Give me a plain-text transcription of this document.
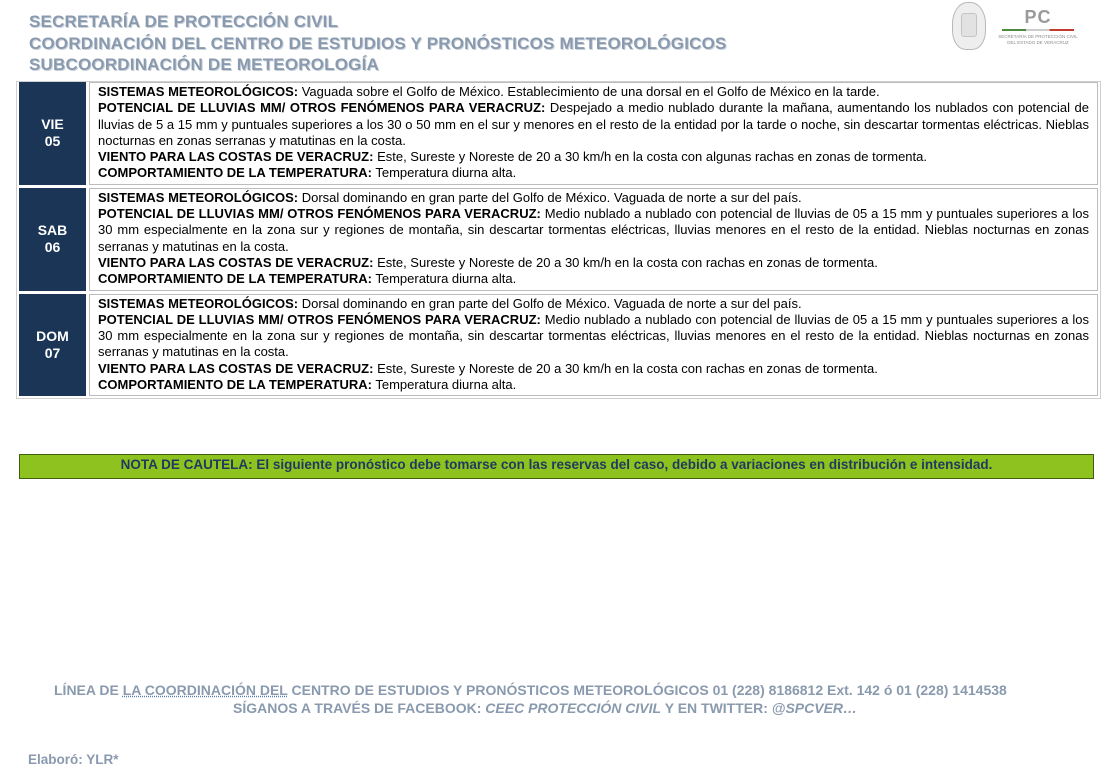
SECRETARÍA DE PROTECCIÓN CIVIL
COORDINACIÓN DEL CENTRO DE ESTUDIOS Y PRONÓSTICOS METEOROLÓGICOS
SUBCOORDINACIÓN DE METEOROLOGÍA
PC
SECRETARÍA DE PROTECCIÓN CIVIL DEL ESTADO DE VERACRUZ
VIE
05

SISTEMAS METEOROLÓGICOS: Vaguada sobre el Golfo de México. Establecimiento de una dorsal en el Golfo de México en la tarde.

POTENCIAL DE LLUVIAS MM/ OTROS FENÓMENOS PARA VERACRUZ: Despejado a medio nublado durante la mañana, aumentando los nublados con potencial de lluvias de 5 a 15 mm y puntuales superiores a los 30 o 50 mm en el sur y menores en el resto de la entidad por la tarde o noche, sin descartar tormentas eléctricas. Nieblas nocturnas en zonas serranas y matutinas en la costa.

VIENTO PARA LAS COSTAS DE VERACRUZ: Este, Sureste y Noreste de 20 a 30 km/h en la costa con algunas rachas en zonas de tormenta.

COMPORTAMIENTO DE LA TEMPERATURA: Temperatura diurna alta.

SAB
06

SISTEMAS METEOROLÓGICOS: Dorsal dominando en gran parte del Golfo de México. Vaguada de norte a sur del país.

POTENCIAL DE LLUVIAS MM/ OTROS FENÓMENOS PARA VERACRUZ: Medio nublado a nublado con potencial de lluvias de 05 a 15 mm y puntuales superiores a los 30 mm especialmente en la zona sur y regiones de montaña, sin descartar tormentas eléctricas, lluvias menores en el resto de la entidad. Nieblas nocturnas en zonas serranas y matutinas en la costa.

VIENTO PARA LAS COSTAS DE VERACRUZ: Este, Sureste y Noreste de 20 a 30 km/h en la costa con rachas en zonas de tormenta.

COMPORTAMIENTO DE LA TEMPERATURA: Temperatura diurna alta.

DOM
07

SISTEMAS METEOROLÓGICOS: Dorsal dominando en gran parte del Golfo de México. Vaguada de norte a sur del país.

POTENCIAL DE LLUVIAS MM/ OTROS FENÓMENOS PARA VERACRUZ: Medio nublado a nublado con potencial de lluvias de 05 a 15 mm y puntuales superiores a los 30 mm especialmente en la zona sur y regiones de montaña, sin descartar tormentas eléctricas, lluvias menores en el resto de la entidad. Nieblas nocturnas en zonas serranas y matutinas en la costa.

VIENTO PARA LAS COSTAS DE VERACRUZ: Este, Sureste y Noreste de 20 a 30 km/h en la costa con rachas en zonas de tormenta.

COMPORTAMIENTO DE LA TEMPERATURA: Temperatura diurna alta.

NOTA DE CAUTELA: El siguiente pronóstico debe tomarse con las reservas del caso, debido a variaciones en distribución e intensidad.
LÍNEA DE LA COORDINACIÓN DEL CENTRO DE ESTUDIOS Y PRONÓSTICOS METEOROLÓGICOS 01 (228) 8186812 Ext. 142 ó 01 (228) 1414538
SÍGANOS A TRAVÉS DE FACEBOOK: CEEC PROTECCIÓN CIVIL Y EN TWITTER: @SPCVER…
Elaboró: YLR*
